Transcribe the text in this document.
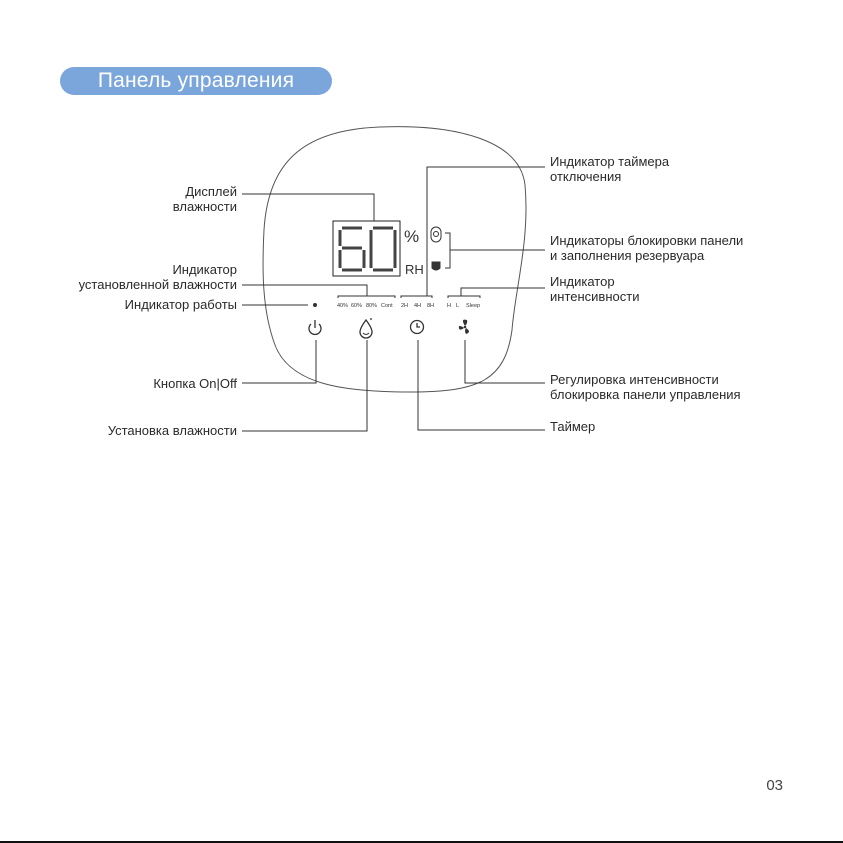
Панель управления
%
RH
40% 60% 80% Cont 2H 4H 8H H L Sleep
Дисплей
влажности
Индикатор
установленной влажности
Индикатор работы
Кнопка On|Off
Установка влажности
Индикатор таймера
отключения
Индикаторы блокировки панели
и заполнения резервуара
Индикатор
интенсивности
Регулировка интенсивности
блокировка панели управления
Таймер
03
